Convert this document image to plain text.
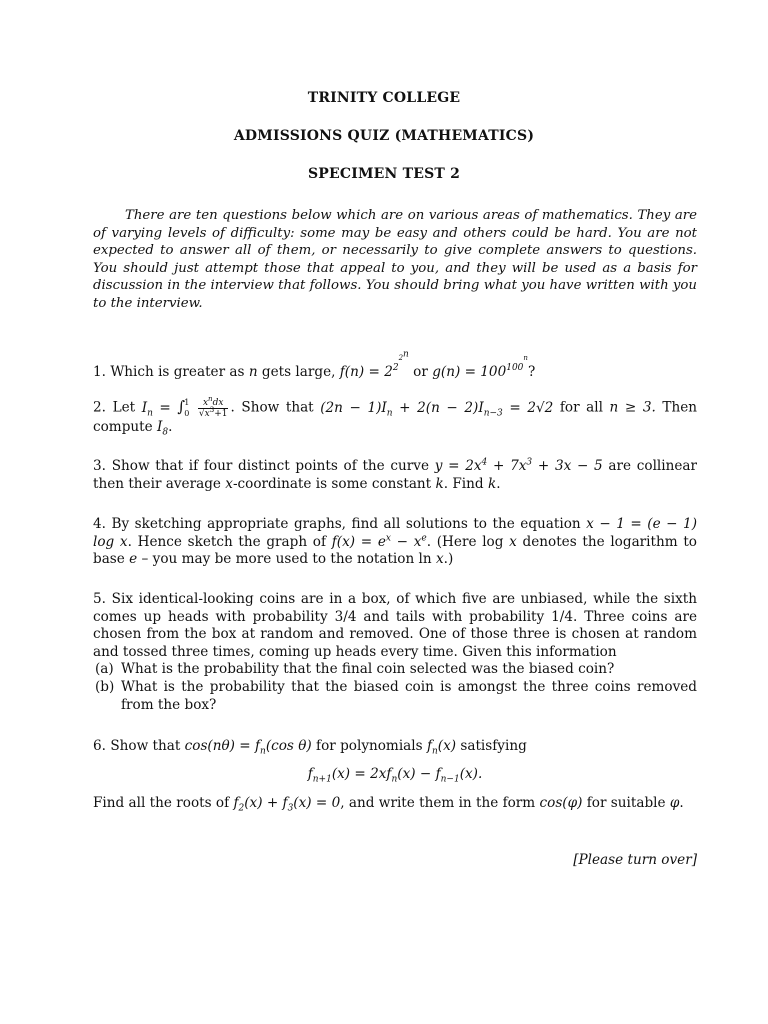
TRINITY COLLEGE
ADMISSIONS QUIZ (MATHEMATICS)
SPECIMEN TEST 2
There are ten questions below which are on various areas of mathematics. They are of varying levels of difficulty: some may be easy and others could be hard. You are not expected to answer all of them, or necessarily to give complete answers to questions. You should just attempt those that appeal to you, and they will be used as a basis for discussion in the interview that follows. You should bring what you have written with you to the interview.
1. Which is greater as n gets large, $f(n) = 2^{2^{2^n}}$ or $g(n) = 100^{100^n}$?
2. Let $I_n$ = ∫ 1
0
$\frac{x^ndx}{√x^3+1}$ . Show that $(2n - 1)I_n + 2(n - 2)I_{n-3} = 2√2$ for all n ≥ 3. Then compute $I_8$.
3. Show that if four distinct points of the curve $y = 2x^4 + 7x^3 + 3x - 5$ are collinear then their average x-coordinate is some constant k. Find k.
4. By sketching appropriate graphs, find all solutions to the equation x − 1 = (e − 1) log x. Hence sketch the graph of $f(x) = e^x - x^e$. (Here log x denotes the logarithm to base e – you may be more used to the notation ln x.)
5. Six identical-looking coins are in a box, of which five are unbiased, while the sixth comes up heads with probability 3/4 and tails with probability 1/4. Three coins are chosen from the box at random and removed. One of those three is chosen at random and tossed three times, coming up heads every time. Given this information
(a) What is the probability that the final coin selected was the biased coin?
(b) What is the probability that the biased coin is amongst the three coins removed from the box?
6. Show that $\cos(n\theta) = f_n(\cos$ θ) for polynomials $f_n(x)$ satisfying
$f_{n+1}(x) = 2xf_n(x) - f_{n-1}(x)$.
Find all the roots of $f_2(x) + f_3(x) = 0$, and write them in the form cos(φ) for suitable φ.
[Please turn over]
